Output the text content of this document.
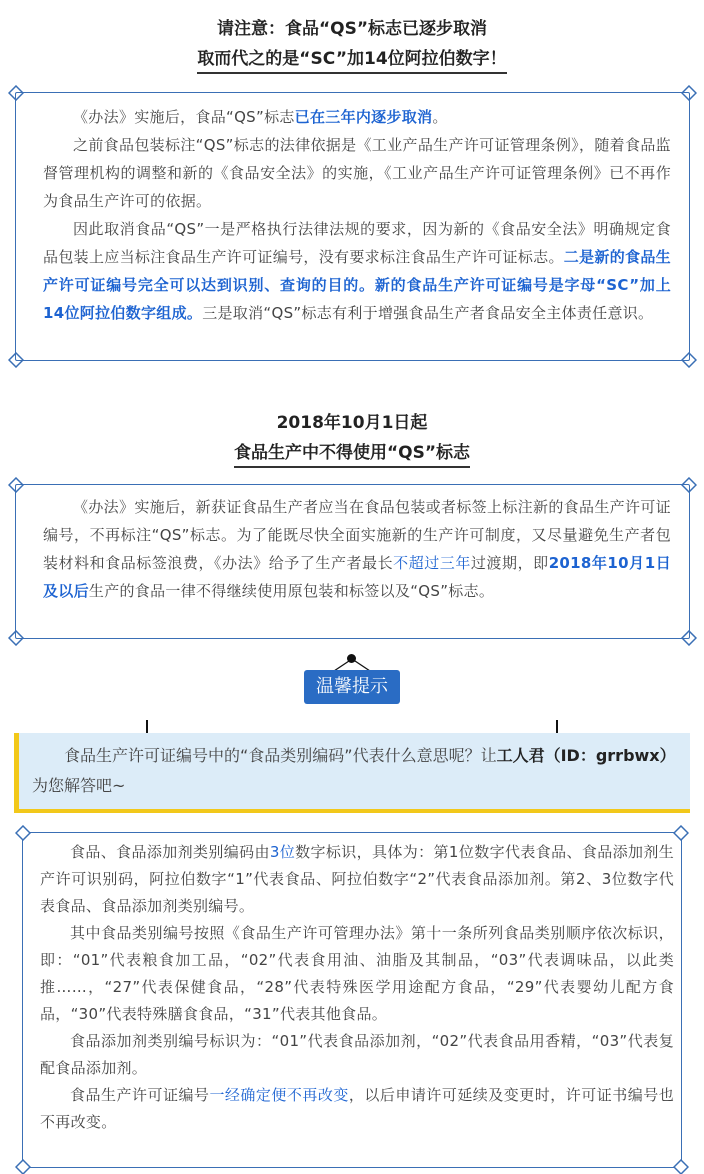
请注意：食品“QS”标志已逐步取消
取而代之的是“SC”加14位阿拉伯数字！

《办法》实施后，食品“QS”标志已在三年内逐步取消。

之前食品包装标注“QS”标志的法律依据是《工业产品生产许可证管理条例》，随着食品监督管理机构的调整和新的《食品安全法》的实施，《工业产品生产许可证管理条例》已不再作为食品生产许可的依据。

因此取消食品“QS”一是严格执行法律法规的要求，因为新的《食品安全法》明确规定食品包装上应当标注食品生产许可证编号，没有要求标注食品生产许可证标志。二是新的食品生产许可证编号完全可以达到识别、查询的目的。新的食品生产许可证编号是字母“SC”加上14位阿拉伯数字组成。三是取消“QS”标志有利于增强食品生产者食品安全主体责任意识。

2018年10月1日起
食品生产中不得使用“QS”标志

《办法》实施后，新获证食品生产者应当在食品包装或者标签上标注新的食品生产许可证编号，不再标注“QS”标志。为了能既尽快全面实施新的生产许可制度，又尽量避免生产者包装材料和食品标签浪费，《办法》给予了生产者最长不超过三年过渡期，即2018年10月1日及以后生产的食品一律不得继续使用原包装和标签以及“QS”标志。

温馨提示

食品生产许可证编号中的“食品类别编码”代表什么意思呢？让工人君（ID：grrbwx）为您解答吧~

食品、食品添加剂类别编码由3位数字标识，具体为：第1位数字代表食品、食品添加剂生产许可识别码，阿拉伯数字“1”代表食品、阿拉伯数字“2”代表食品添加剂。第2、3位数字代表食品、食品添加剂类别编号。

其中食品类别编号按照《食品生产许可管理办法》第十一条所列食品类别顺序依次标识，即：“01”代表粮食加工品，“02”代表食用油、油脂及其制品，“03”代表调味品，以此类推……，“27”代表保健食品，“28”代表特殊医学用途配方食品，“29”代表婴幼儿配方食品，“30”代表特殊膳食食品，“31”代表其他食品。

食品添加剂类别编号标识为：“01”代表食品添加剂，“02”代表食品用香精，“03”代表复配食品添加剂。

食品生产许可证编号一经确定便不再改变，以后申请许可延续及变更时，许可证书编号也不再改变。
